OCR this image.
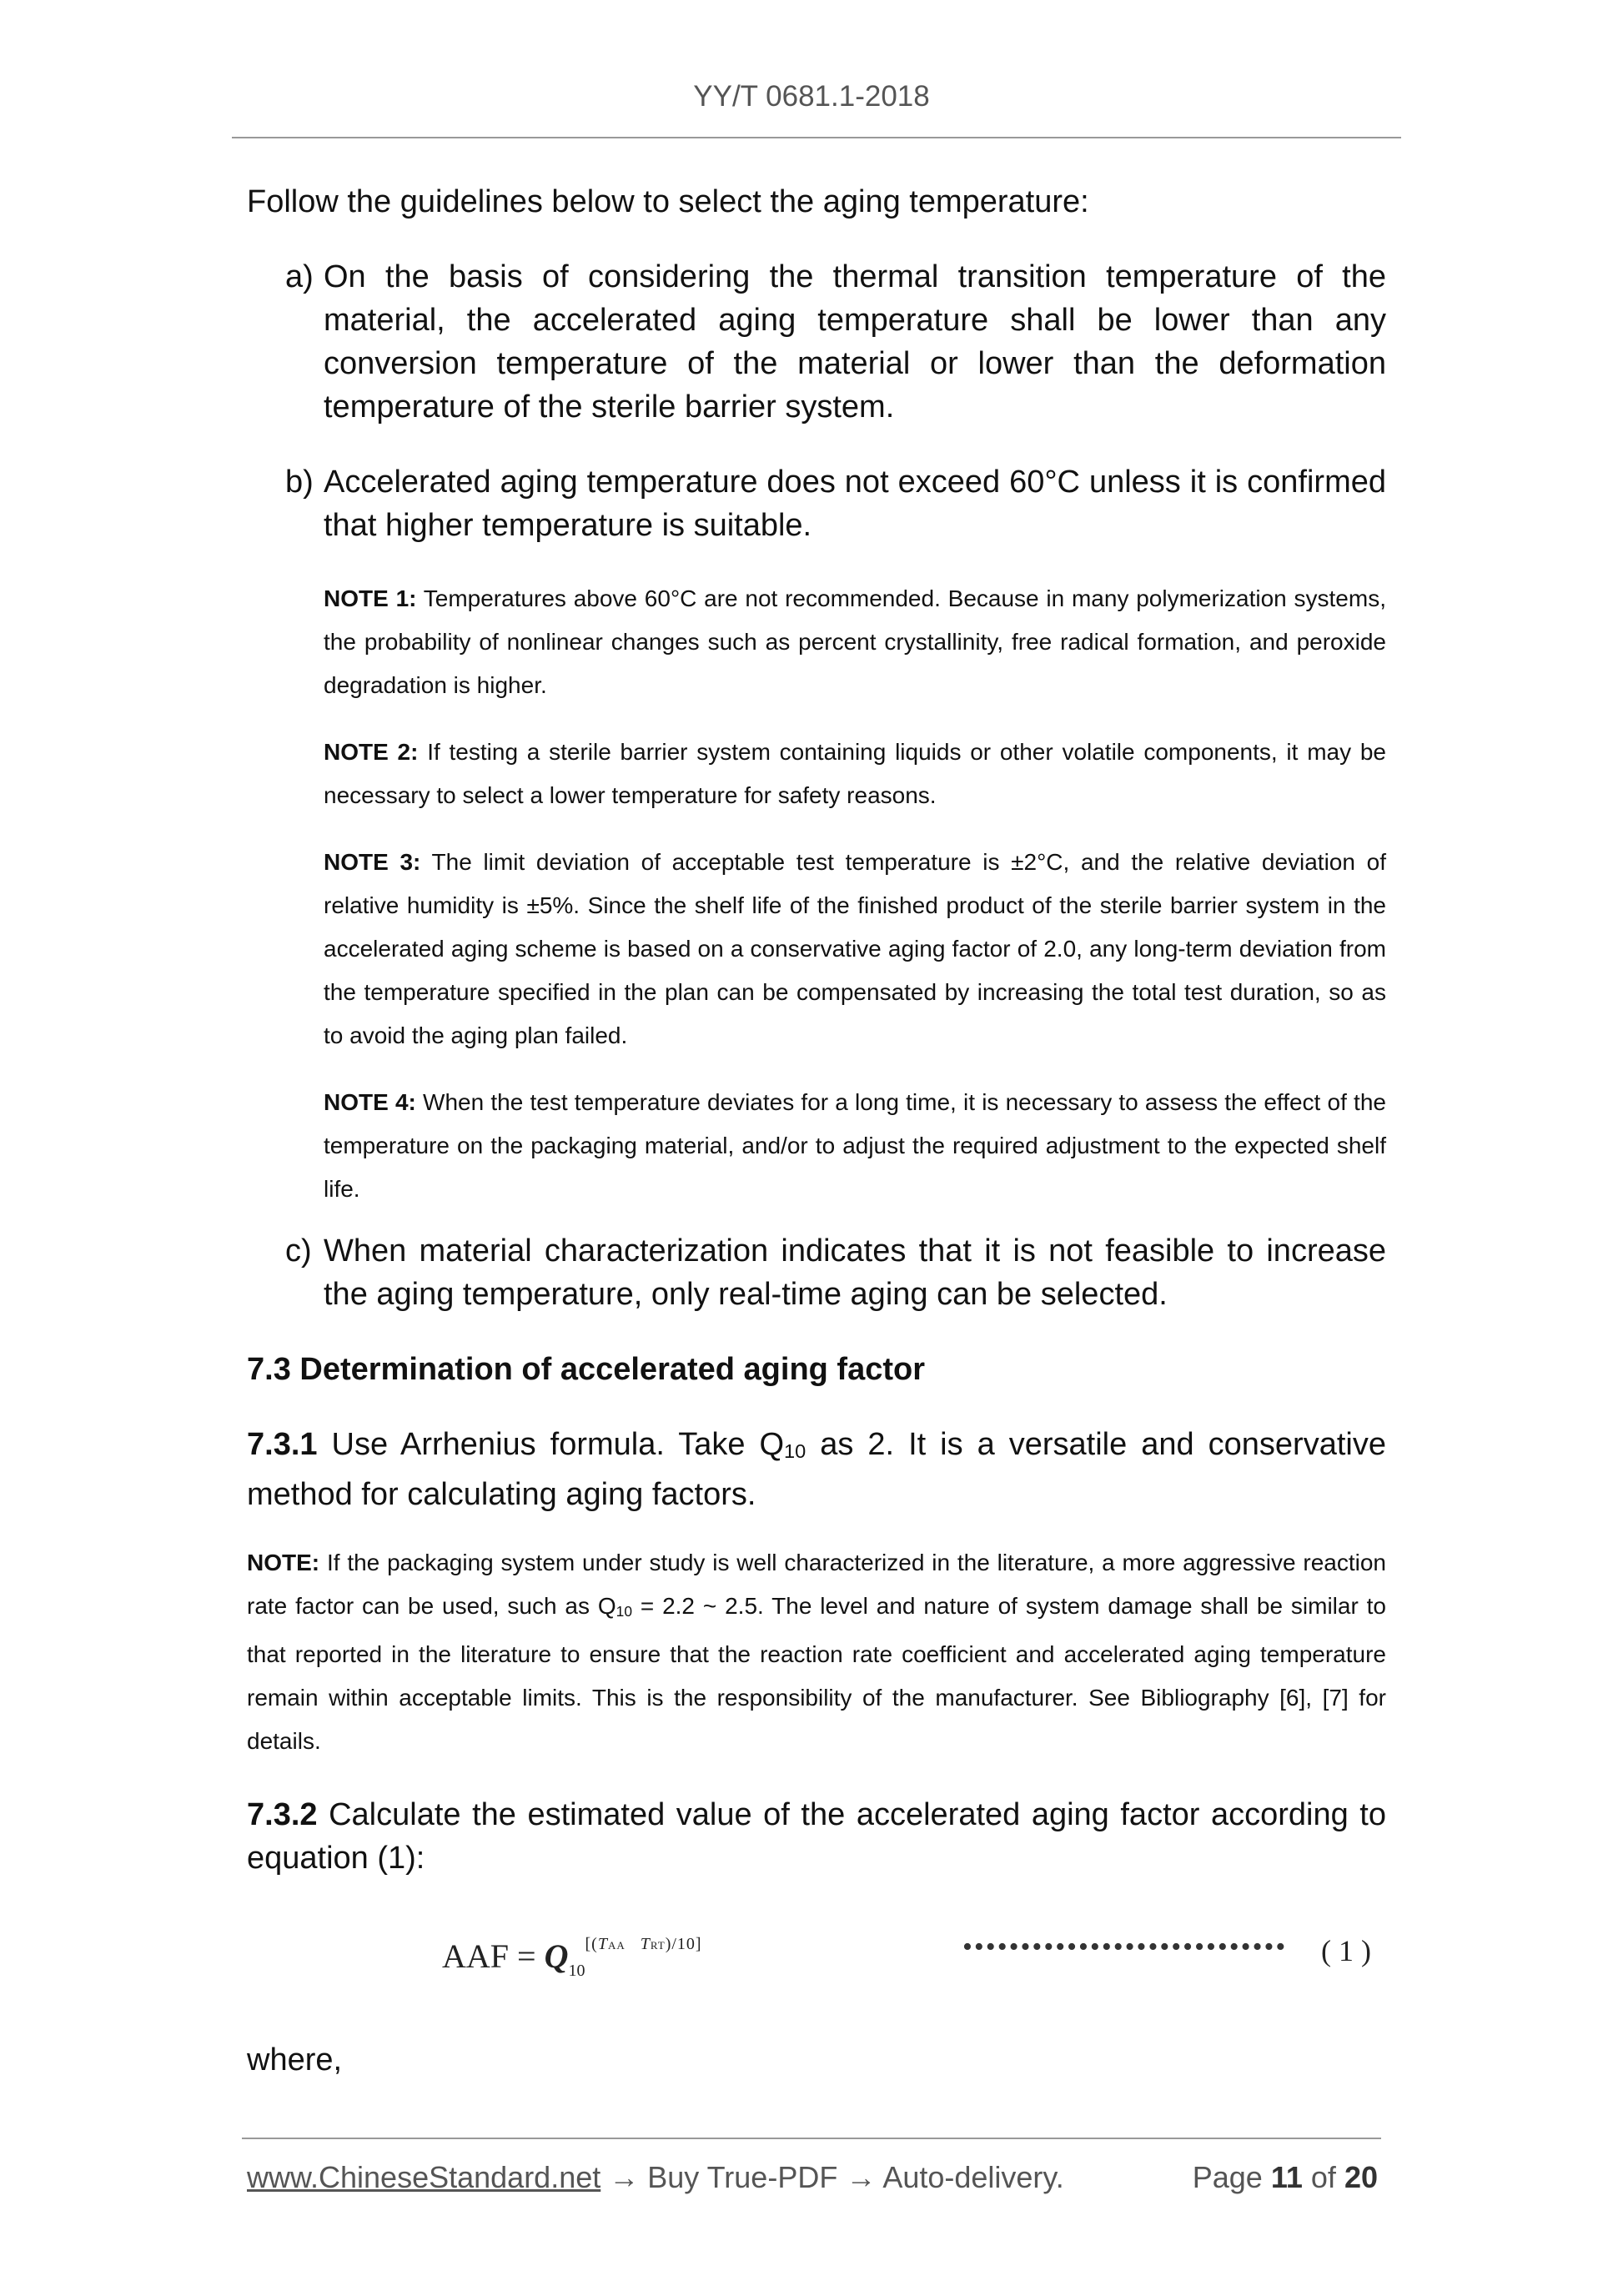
YY/T 0681.1-2018

Follow the guidelines below to select the aging temperature:

a) On the basis of considering the thermal transition temperature of the material, the accelerated aging temperature shall be lower than any conversion temperature of the material or lower than the deformation temperature of the sterile barrier system.
b) Accelerated aging temperature does not exceed 60°C unless it is confirmed that higher temperature is suitable.

NOTE 1: Temperatures above 60°C are not recommended. Because in many polymerization systems, the probability of nonlinear changes such as percent crystallinity, free radical formation, and peroxide degradation is higher.

NOTE 2: If testing a sterile barrier system containing liquids or other volatile components, it may be necessary to select a lower temperature for safety reasons.

NOTE 3: The limit deviation of acceptable test temperature is ±2°C, and the relative deviation of relative humidity is ±5%. Since the shelf life of the finished product of the sterile barrier system in the accelerated aging scheme is based on a conservative aging factor of 2.0, any long-term deviation from the temperature specified in the plan can be compensated by increasing the total test duration, so as to avoid the aging plan failed.

NOTE 4: When the test temperature deviates for a long time, it is necessary to assess the effect of the temperature on the packaging material, and/or to adjust the required adjustment to the expected shelf life.

c) When material characterization indicates that it is not feasible to increase the aging temperature, only real-time aging can be selected.

7.3 Determination of accelerated aging factor

7.3.1 Use Arrhenius formula. Take Q10 as 2. It is a versatile and conservative method for calculating aging factors.

NOTE: If the packaging system under study is well characterized in the literature, a more aggressive reaction rate factor can be used, such as Q10 = 2.2 ~ 2.5. The level and nature of system damage shall be similar to that reported in the literature to ensure that the reaction rate coefficient and accelerated aging temperature remain within acceptable limits. This is the responsibility of the manufacturer. See Bibliography [6], [7] for details.

7.3.2 Calculate the estimated value of the accelerated aging factor according to equation (1):

AAF = $Q_{10}[(TAA TRT)/10]$	•••••••••••••••••••••••••••• ( 1 )

where,

www.ChineseStandard.net → Buy True-PDF → Auto-delivery.	Page 11 of 20
